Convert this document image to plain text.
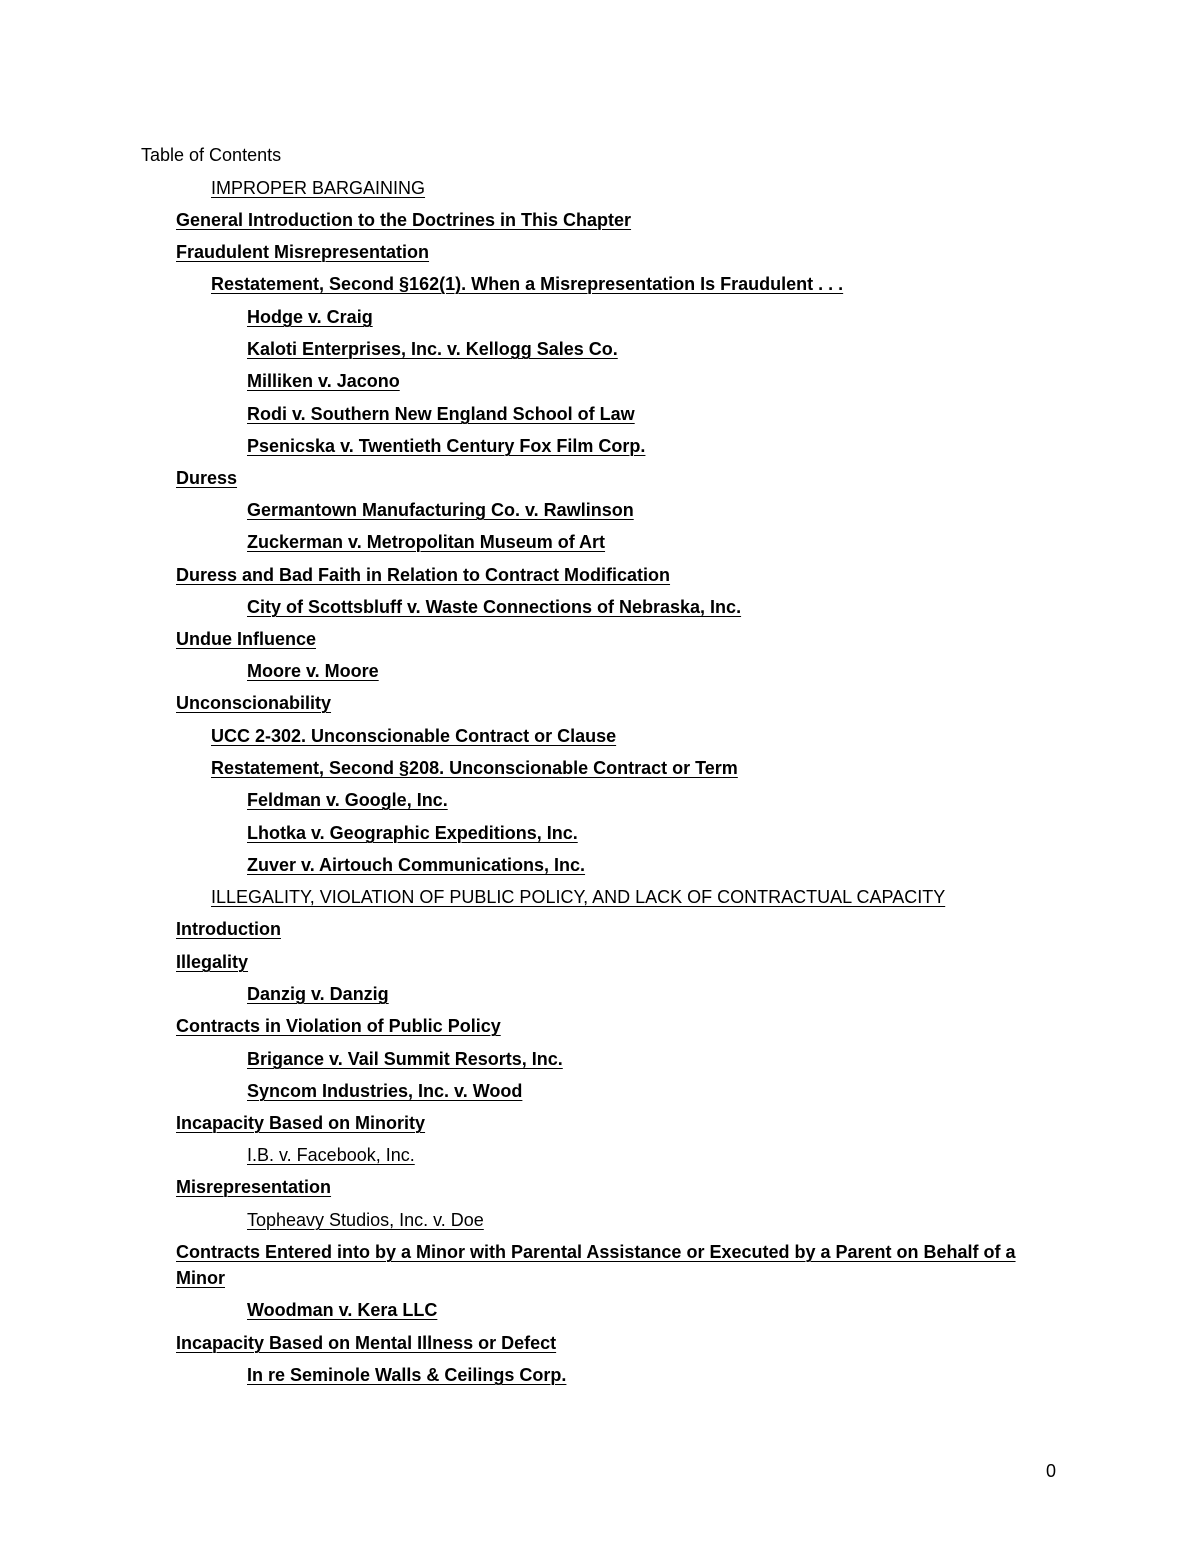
Table of Contents
IMPROPER BARGAINING
General Introduction to the Doctrines in This Chapter
Fraudulent Misrepresentation
Restatement, Second §162(1). When a Misrepresentation Is Fraudulent . . .
Hodge v. Craig
Kaloti Enterprises, Inc. v. Kellogg Sales Co.
Milliken v. Jacono
Rodi v. Southern New England School of Law
Psenicska v. Twentieth Century Fox Film Corp.
Duress
Germantown Manufacturing Co. v. Rawlinson
Zuckerman v. Metropolitan Museum of Art
Duress and Bad Faith in Relation to Contract Modification
City of Scottsbluff v. Waste Connections of Nebraska, Inc.
Undue Influence
Moore v. Moore
Unconscionability
UCC 2-302. Unconscionable Contract or Clause
Restatement, Second §208. Unconscionable Contract or Term
Feldman v. Google, Inc.
Lhotka v. Geographic Expeditions, Inc.
Zuver v. Airtouch Communications, Inc.
ILLEGALITY, VIOLATION OF PUBLIC POLICY, AND LACK OF CONTRACTUAL CAPACITY
Introduction
Illegality
Danzig v. Danzig
Contracts in Violation of Public Policy
Brigance v. Vail Summit Resorts, Inc.
Syncom Industries, Inc. v. Wood
Incapacity Based on Minority
I.B. v. Facebook, Inc.
Misrepresentation
Topheavy Studios, Inc. v. Doe
Contracts Entered into by a Minor with Parental Assistance or Executed by a Parent on Behalf of a Minor
Woodman v. Kera LLC
Incapacity Based on Mental Illness or Defect
In re Seminole Walls & Ceilings Corp.
0
